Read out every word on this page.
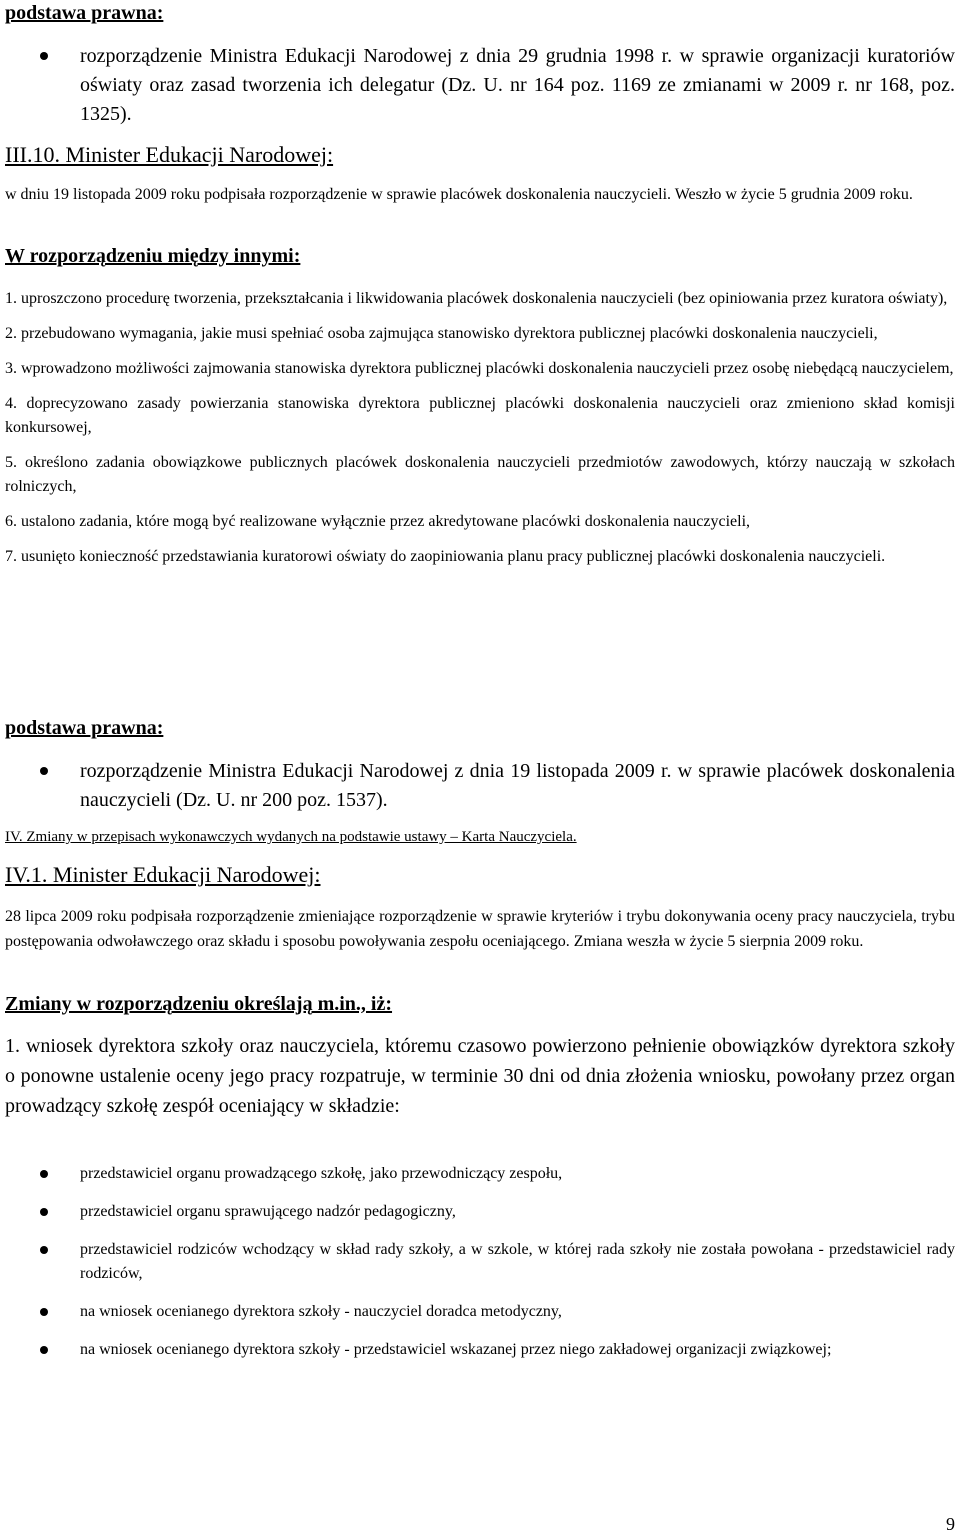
podstawa prawna:
rozporządzenie Ministra Edukacji Narodowej z dnia 29 grudnia 1998 r. w sprawie organizacji kuratoriów oświaty oraz zasad tworzenia ich delegatur (Dz. U. nr 164 poz. 1169 ze zmianami w 2009 r. nr 168, poz. 1325).
III.10. Minister Edukacji Narodowej:

w dniu 19 listopada 2009 roku podpisała rozporządzenie w sprawie placówek doskonalenia nauczycieli. Weszło w życie 5 grudnia 2009 roku.

W rozporządzeniu między innymi:

1. uproszczono procedurę tworzenia, przekształcania i likwidowania placówek doskonalenia nauczycieli (bez opiniowania przez kuratora oświaty),

2. przebudowano wymagania, jakie musi spełniać osoba zajmująca stanowisko dyrektora publicznej placówki doskonalenia nauczycieli,

3. wprowadzono możliwości zajmowania stanowiska dyrektora publicznej placówki doskonalenia nauczycieli przez osobę niebędącą nauczycielem,

4. doprecyzowano zasady powierzania stanowiska dyrektora publicznej placówki doskonalenia nauczycieli oraz zmieniono skład komisji konkursowej,

5. określono zadania obowiązkowe publicznych placówek doskonalenia nauczycieli przedmiotów zawodowych, którzy nauczają w szkołach rolniczych,

6. ustalono zadania, które mogą być realizowane wyłącznie przez akredytowane placówki doskonalenia nauczycieli,

7. usunięto konieczność przedstawiania kuratorowi oświaty do zaopiniowania planu pracy publicznej placówki doskonalenia nauczycieli.

podstawa prawna:
rozporządzenie Ministra Edukacji Narodowej z dnia 19 listopada 2009 r. w sprawie placówek doskonalenia nauczycieli (Dz. U. nr 200 poz. 1537).
IV. Zmiany w przepisach wykonawczych wydanych na podstawie ustawy – Karta Nauczyciela.
IV.1. Minister Edukacji Narodowej:

28 lipca 2009 roku podpisała rozporządzenie zmieniające rozporządzenie w sprawie kryteriów i trybu dokonywania oceny pracy nauczyciela, trybu postępowania odwoławczego oraz składu i sposobu powoływania zespołu oceniającego. Zmiana weszła w życie 5 sierpnia 2009 roku.

Zmiany w rozporządzeniu określają m.in., iż:

1. wniosek dyrektora szkoły oraz nauczyciela, któremu czasowo powierzono pełnienie obowiązków dyrektora szkoły o ponowne ustalenie oceny jego pracy rozpatruje, w terminie 30 dni od dnia złożenia wniosku, powołany przez organ prowadzący szkołę zespół oceniający w składzie:

przedstawiciel organu prowadzącego szkołę, jako przewodniczący zespołu,
przedstawiciel organu sprawującego nadzór pedagogiczny,
przedstawiciel rodziców wchodzący w skład rady szkoły, a w szkole, w której rada szkoły nie została powołana - przedstawiciel rady rodziców,
na wniosek ocenianego dyrektora szkoły - nauczyciel doradca metodyczny,
na wniosek ocenianego dyrektora szkoły - przedstawiciel wskazanej przez niego zakładowej organizacji związkowej;
9
